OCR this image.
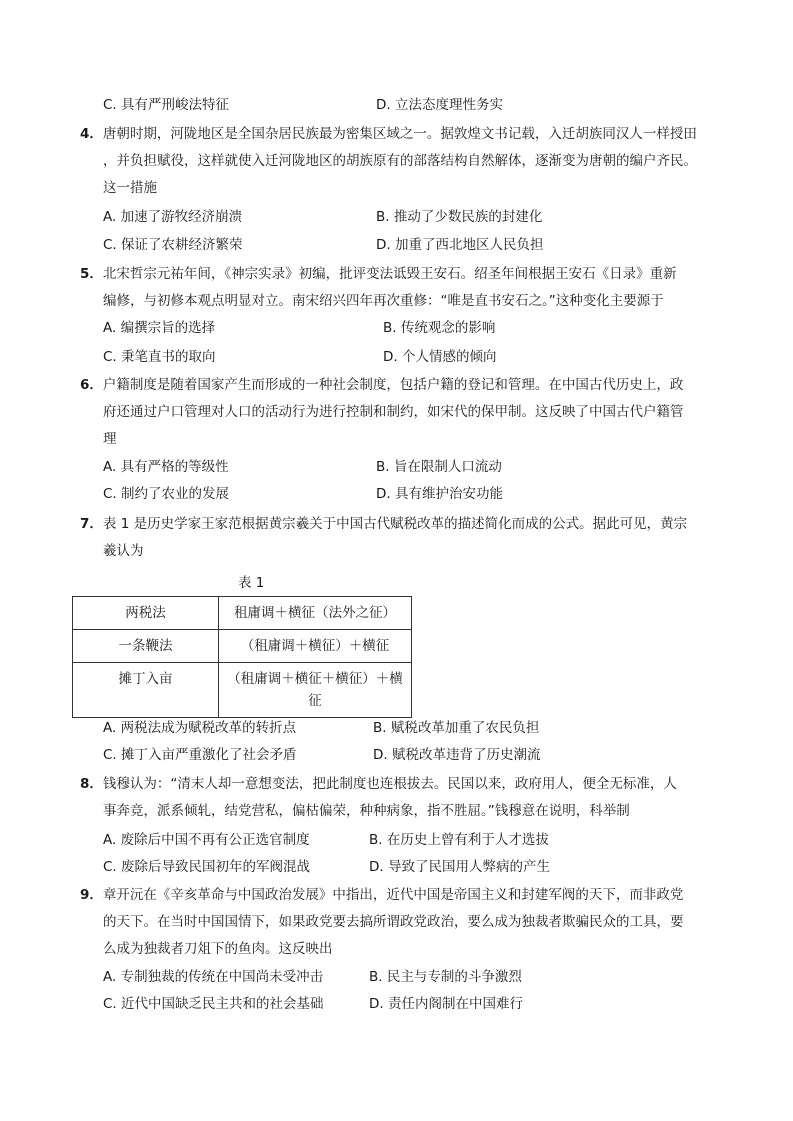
C. 具有严刑峻法特征	D. 立法态度理性务实
4．唐朝时期，河陇地区是全国杂居民族最为密集区域之一。据敦煌文书记载，入迁胡族同汉人一样授田
，并负担赋役，这样就使入迁河陇地区的胡族原有的部落结构自然解体，逐渐变为唐朝的编户齐民。
这一措施
A. 加速了游牧经济崩溃	B. 推动了少数民族的封建化
C. 保证了农耕经济繁荣	D. 加重了西北地区人民负担
5．北宋哲宗元祐年间，《神宗实录》初编，批评变法诋毁王安石。绍圣年间根据王安石《日录》重新
编修，与初修本观点明显对立。南宋绍兴四年再次重修：“唯是直书安石之。”这种变化主要源于
A. 编撰宗旨的选择	B. 传统观念的影响
C. 秉笔直书的取向	D. 个人情感的倾向
6．户籍制度是随着国家产生而形成的一种社会制度，包括户籍的登记和管理。在中国古代历史上，政
府还通过户口管理对人口的活动行为进行控制和制约，如宋代的保甲制。这反映了中国古代户籍管
理
A. 具有严格的等级性	B. 旨在限制人口流动
C. 制约了农业的发展	D. 具有维护治安功能
7．表 1 是历史学家王家范根据黄宗羲关于中国古代赋税改革的描述简化而成的公式。据此可见，黄宗
羲认为
表 1
两税法	租庸调＋横征（法外之征）
一条鞭法	（租庸调＋横征）＋横征
摊丁入亩	（租庸调＋横征＋横征）＋横征
A. 两税法成为赋税改革的转折点	B. 赋税改革加重了农民负担
C. 摊丁入亩严重激化了社会矛盾	D. 赋税改革违背了历史潮流
8．钱穆认为：“清末人却一意想变法，把此制度也连根拔去。民国以来，政府用人，便全无标准，人
事奔竞，派系倾轧，结党营私，偏枯偏荣，种种病象，指不胜屈。”钱穆意在说明，科举制
A. 废除后中国不再有公正选官制度	B. 在历史上曾有利于人才选拔
C. 废除后导致民国初年的军阀混战	D. 导致了民国用人弊病的产生
9．章开沅在《辛亥革命与中国政治发展》中指出，近代中国是帝国主义和封建军阀的天下，而非政党
的天下。在当时中国国情下，如果政党要去搞所谓政党政治，要么成为独裁者欺骗民众的工具，要
么成为独裁者刀俎下的鱼肉。这反映出
A. 专制独裁的传统在中国尚未受冲击	B. 民主与专制的斗争激烈
C. 近代中国缺乏民主共和的社会基础	D. 责任内阁制在中国难行
